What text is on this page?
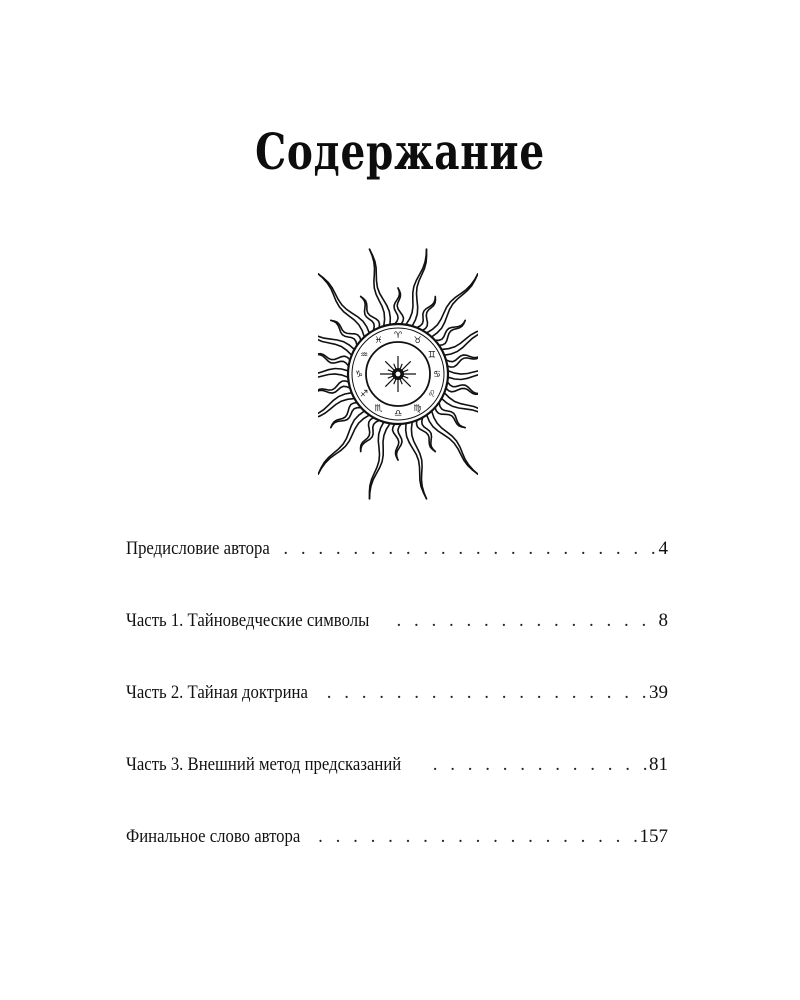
Содержание
♈
♉
♊
♋
♌
♍
♎
♏
♐
♑
♒
♓
Предисловие автора . . .	4
Часть 1. Тайноведческие символы . . .	8
Часть 2. Тайная доктрина . . .	39
Часть 3. Внешний метод предсказаний . . .	81
Финальное слово автора . . .	157
